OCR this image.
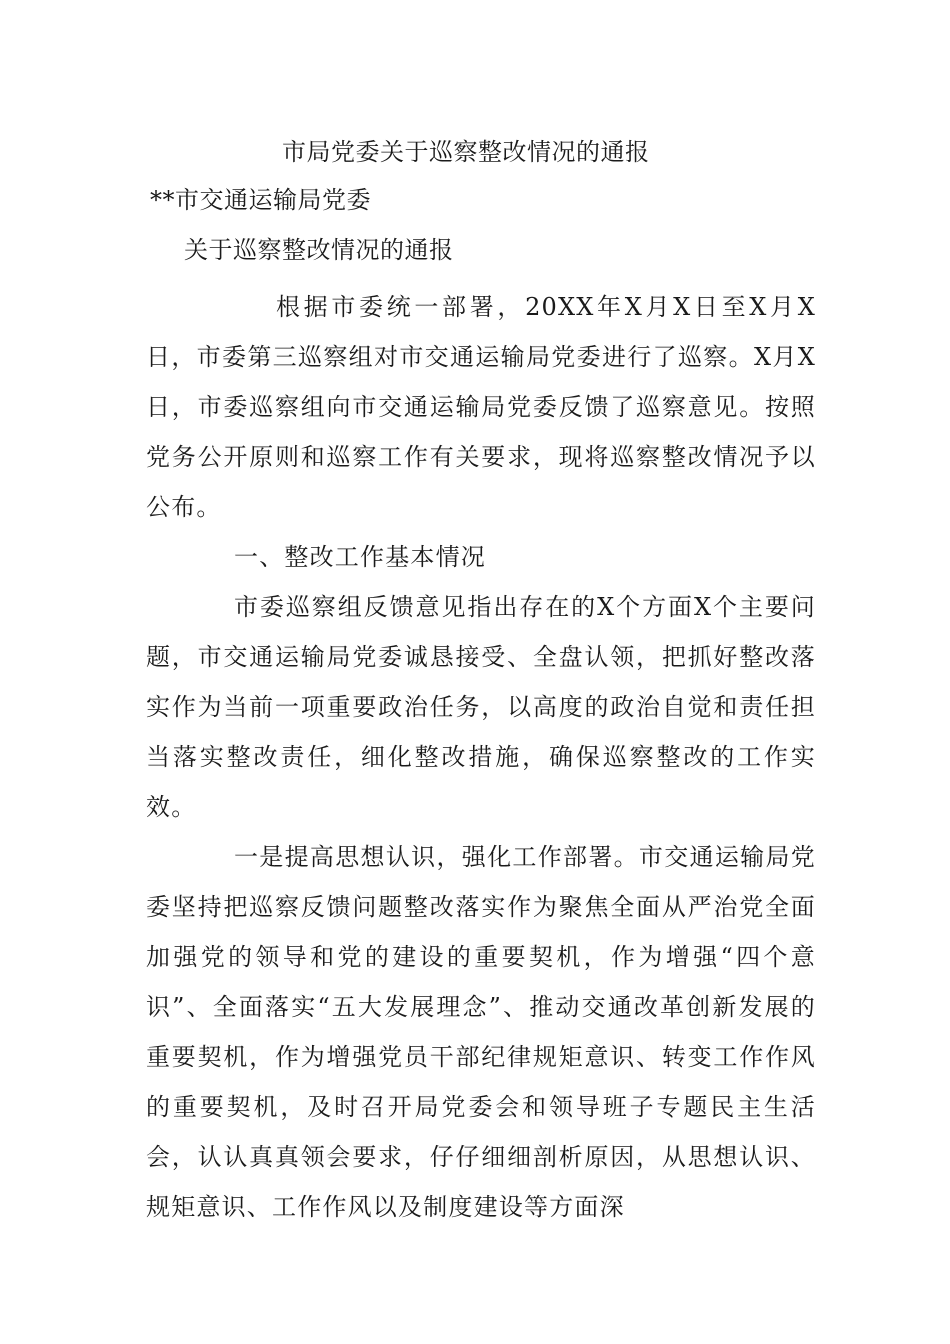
市局党委关于巡察整改情况的通报
**市交通运输局党委
关于巡察整改情况的通报

根据市委统一部署，20XX年X月X日至X月X日，市委第三巡察组对市交通运输局党委进行了巡察。X月X日，市委巡察组向市交通运输局党委反馈了巡察意见。按照党务公开原则和巡察工作有关要求，现将巡察整改情况予以公布。

一、整改工作基本情况

市委巡察组反馈意见指出存在的X个方面X个主要问题，市交通运输局党委诚恳接受、全盘认领，把抓好整改落实作为当前一项重要政治任务，以高度的政治自觉和责任担当落实整改责任，细化整改措施，确保巡察整改的工作实效。

一是提高思想认识，强化工作部署。市交通运输局党委坚持把巡察反馈问题整改落实作为聚焦全面从严治党全面加强党的领导和党的建设的重要契机，作为增强“四个意识”、全面落实“五大发展理念”、推动交通改革创新发展的重要契机，作为增强党员干部纪律规矩意识、转变工作作风的重要契机，及时召开局党委会和领导班子专题民主生活会，认认真真领会要求，仔仔细细剖析原因，从思想认识、规矩意识、工作作风以及制度建设等方面深
